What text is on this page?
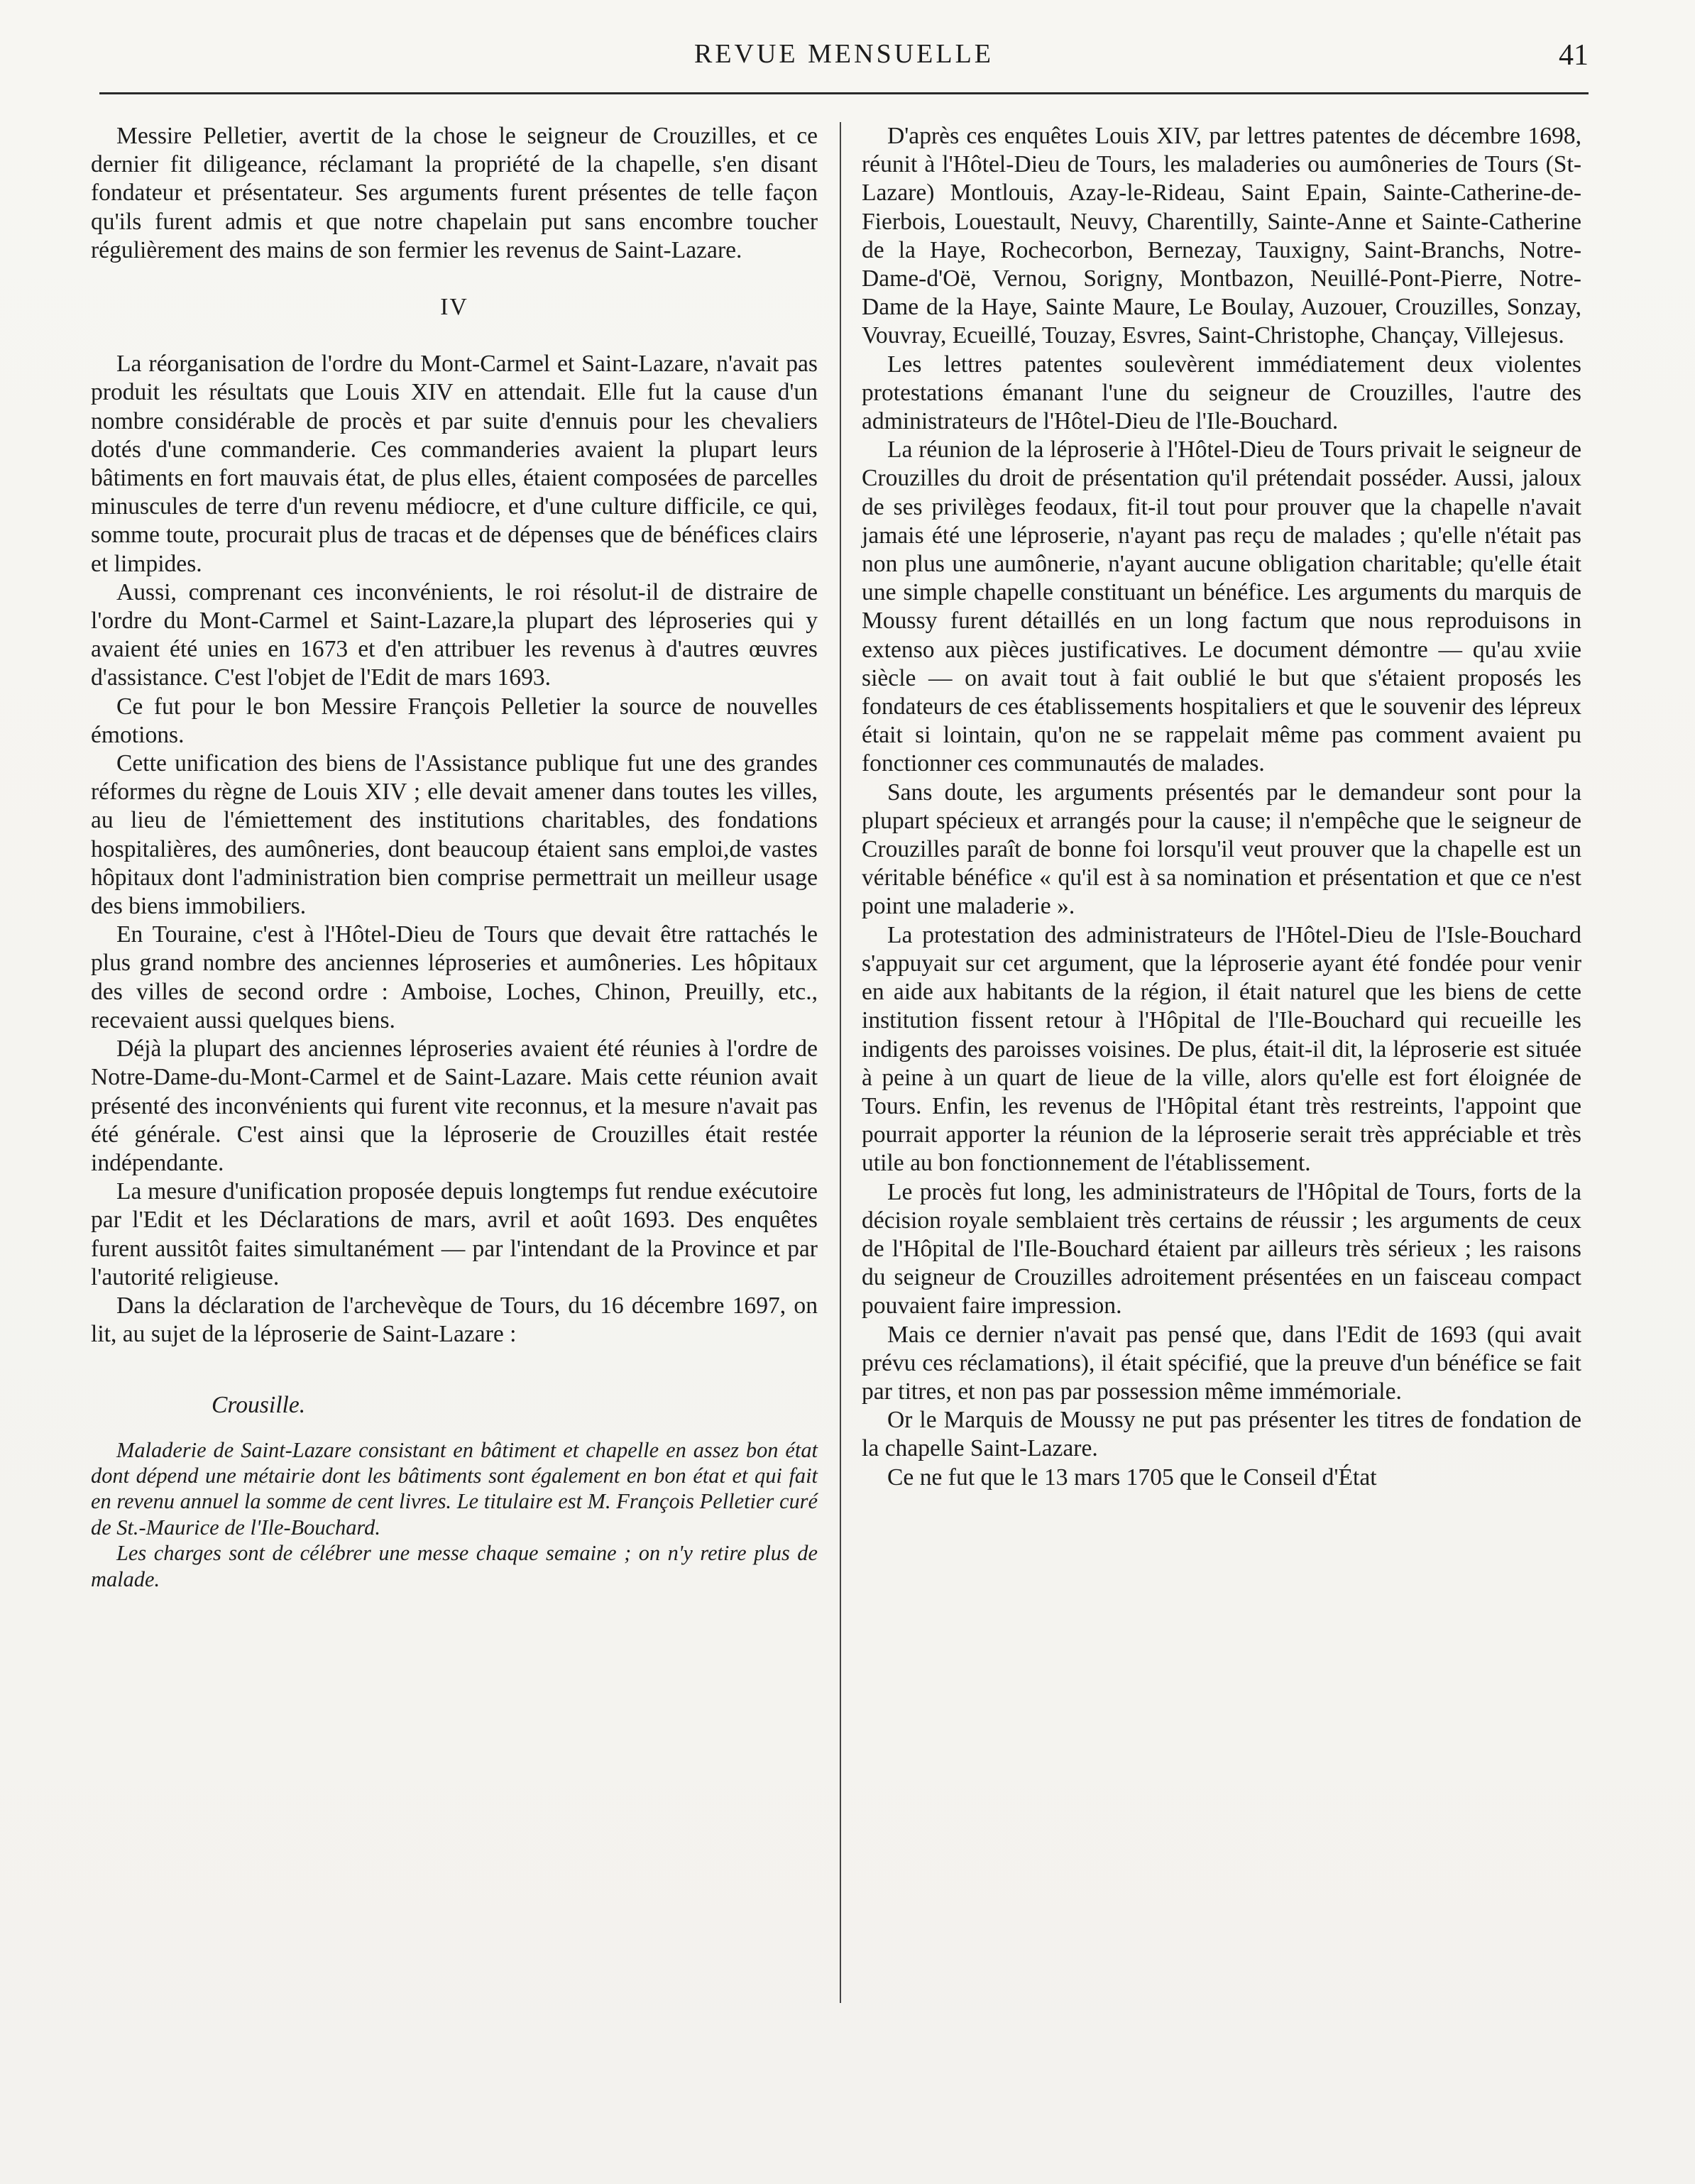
REVUE MENSUELLE	41

Messire Pelletier, avertit de la chose le seigneur de Crouzilles, et ce dernier fit diligeance, réclamant la propriété de la chapelle, s'en disant fondateur et présentateur. Ses arguments furent présentes de telle façon qu'ils furent admis et que notre chapelain put sans encombre toucher régulièrement des mains de son fermier les revenus de Saint-Lazare.

IV

La réorganisation de l'ordre du Mont-Carmel et Saint-Lazare, n'avait pas produit les résultats que Louis XIV en attendait. Elle fut la cause d'un nombre considérable de procès et par suite d'ennuis pour les chevaliers dotés d'une commanderie. Ces commanderies avaient la plupart leurs bâtiments en fort mauvais état, de plus elles, étaient composées de parcelles minuscules de terre d'un revenu médiocre, et d'une culture difficile, ce qui, somme toute, procurait plus de tracas et de dépenses que de bénéfices clairs et limpides.

Aussi, comprenant ces inconvénients, le roi résolut-il de distraire de l'ordre du Mont-Carmel et Saint-Lazare,la plupart des léproseries qui y avaient été unies en 1673 et d'en attribuer les revenus à d'autres œuvres d'assistance. C'est l'objet de l'Edit de mars 1693.

Ce fut pour le bon Messire François Pelletier la source de nouvelles émotions.

Cette unification des biens de l'Assistance publique fut une des grandes réformes du règne de Louis XIV ; elle devait amener dans toutes les villes, au lieu de l'émiettement des institutions charitables, des fondations hospitalières, des aumôneries, dont beaucoup étaient sans emploi,de vastes hôpitaux dont l'administration bien comprise permettrait un meilleur usage des biens immobiliers.

En Touraine, c'est à l'Hôtel-Dieu de Tours que devait être rattachés le plus grand nombre des anciennes léproseries et aumôneries. Les hôpitaux des villes de second ordre : Amboise, Loches, Chinon, Preuilly, etc., recevaient aussi quelques biens.

Déjà la plupart des anciennes léproseries avaient été réunies à l'ordre de Notre-Dame-du-Mont-Carmel et de Saint-Lazare. Mais cette réunion avait présenté des inconvénients qui furent vite reconnus, et la mesure n'avait pas été générale. C'est ainsi que la léproserie de Crouzilles était restée indépendante.

La mesure d'unification proposée depuis longtemps fut rendue exécutoire par l'Edit et les Déclarations de mars, avril et août 1693. Des enquêtes furent aussitôt faites simultanément — par l'intendant de la Province et par l'autorité religieuse.

Dans la déclaration de l'archevèque de Tours, du 16 décembre 1697, on lit, au sujet de la léproserie de Saint-Lazare :

Crousille.

Maladerie de Saint-Lazare consistant en bâtiment et chapelle en assez bon état dont dépend une métairie dont les bâtiments sont également en bon état et qui fait en revenu annuel la somme de cent livres. Le titulaire est M. François Pelletier curé de St.-Maurice de l'Ile-Bouchard.

Les charges sont de célébrer une messe chaque semaine ; on n'y retire plus de malade.

D'après ces enquêtes Louis XIV, par lettres patentes de décembre 1698, réunit à l'Hôtel-Dieu de Tours, les maladeries ou aumôneries de Tours (St-Lazare) Montlouis, Azay-le-Rideau, Saint Epain, Sainte-Catherine-de-Fierbois, Louestault, Neuvy, Charentilly, Sainte-Anne et Sainte-Catherine de la Haye, Rochecorbon, Bernezay, Tauxigny, Saint-Branchs, Notre-Dame-d'Oë, Vernou, Sorigny, Montbazon, Neuillé-Pont-Pierre, Notre-Dame de la Haye, Sainte Maure, Le Boulay, Auzouer, Crouzilles, Sonzay, Vouvray, Ecueillé, Touzay, Esvres, Saint-Christophe, Chançay, Villejesus.

Les lettres patentes soulevèrent immédiatement deux violentes protestations émanant l'une du seigneur de Crouzilles, l'autre des administrateurs de l'Hôtel-Dieu de l'Ile-Bouchard.

La réunion de la léproserie à l'Hôtel-Dieu de Tours privait le seigneur de Crouzilles du droit de présentation qu'il prétendait posséder. Aussi, jaloux de ses privilèges feodaux, fit-il tout pour prouver que la chapelle n'avait jamais été une léproserie, n'ayant pas reçu de malades ; qu'elle n'était pas non plus une aumônerie, n'ayant aucune obligation charitable; qu'elle était une simple chapelle constituant un bénéfice. Les arguments du marquis de Moussy furent détaillés en un long factum que nous reproduisons in extenso aux pièces justificatives. Le document démontre — qu'au xviie siècle — on avait tout à fait oublié le but que s'étaient proposés les fondateurs de ces établissements hospitaliers et que le souvenir des lépreux était si lointain, qu'on ne se rappelait même pas comment avaient pu fonctionner ces communautés de malades.

Sans doute, les arguments présentés par le demandeur sont pour la plupart spécieux et arrangés pour la cause; il n'empêche que le seigneur de Crouzilles paraît de bonne foi lorsqu'il veut prouver que la chapelle est un véritable bénéfice « qu'il est à sa nomination et présentation et que ce n'est point une maladerie ».

La protestation des administrateurs de l'Hôtel-Dieu de l'Isle-Bouchard s'appuyait sur cet argument, que la léproserie ayant été fondée pour venir en aide aux habitants de la région, il était naturel que les biens de cette institution fissent retour à l'Hôpital de l'Ile-Bouchard qui recueille les indigents des paroisses voisines. De plus, était-il dit, la léproserie est située à peine à un quart de lieue de la ville, alors qu'elle est fort éloignée de Tours. Enfin, les revenus de l'Hôpital étant très restreints, l'appoint que pourrait apporter la réunion de la léproserie serait très appréciable et très utile au bon fonctionnement de l'établissement.

Le procès fut long, les administrateurs de l'Hôpital de Tours, forts de la décision royale semblaient très certains de réussir ; les arguments de ceux de l'Hôpital de l'Ile-Bouchard étaient par ailleurs très sérieux ; les raisons du seigneur de Crouzilles adroitement présentées en un faisceau compact pouvaient faire impression.

Mais ce dernier n'avait pas pensé que, dans l'Edit de 1693 (qui avait prévu ces réclamations), il était spécifié, que la preuve d'un bénéfice se fait par titres, et non pas par possession même immémoriale.

Or le Marquis de Moussy ne put pas présenter les titres de fondation de la chapelle Saint-Lazare.

Ce ne fut que le 13 mars 1705 que le Conseil d'État
